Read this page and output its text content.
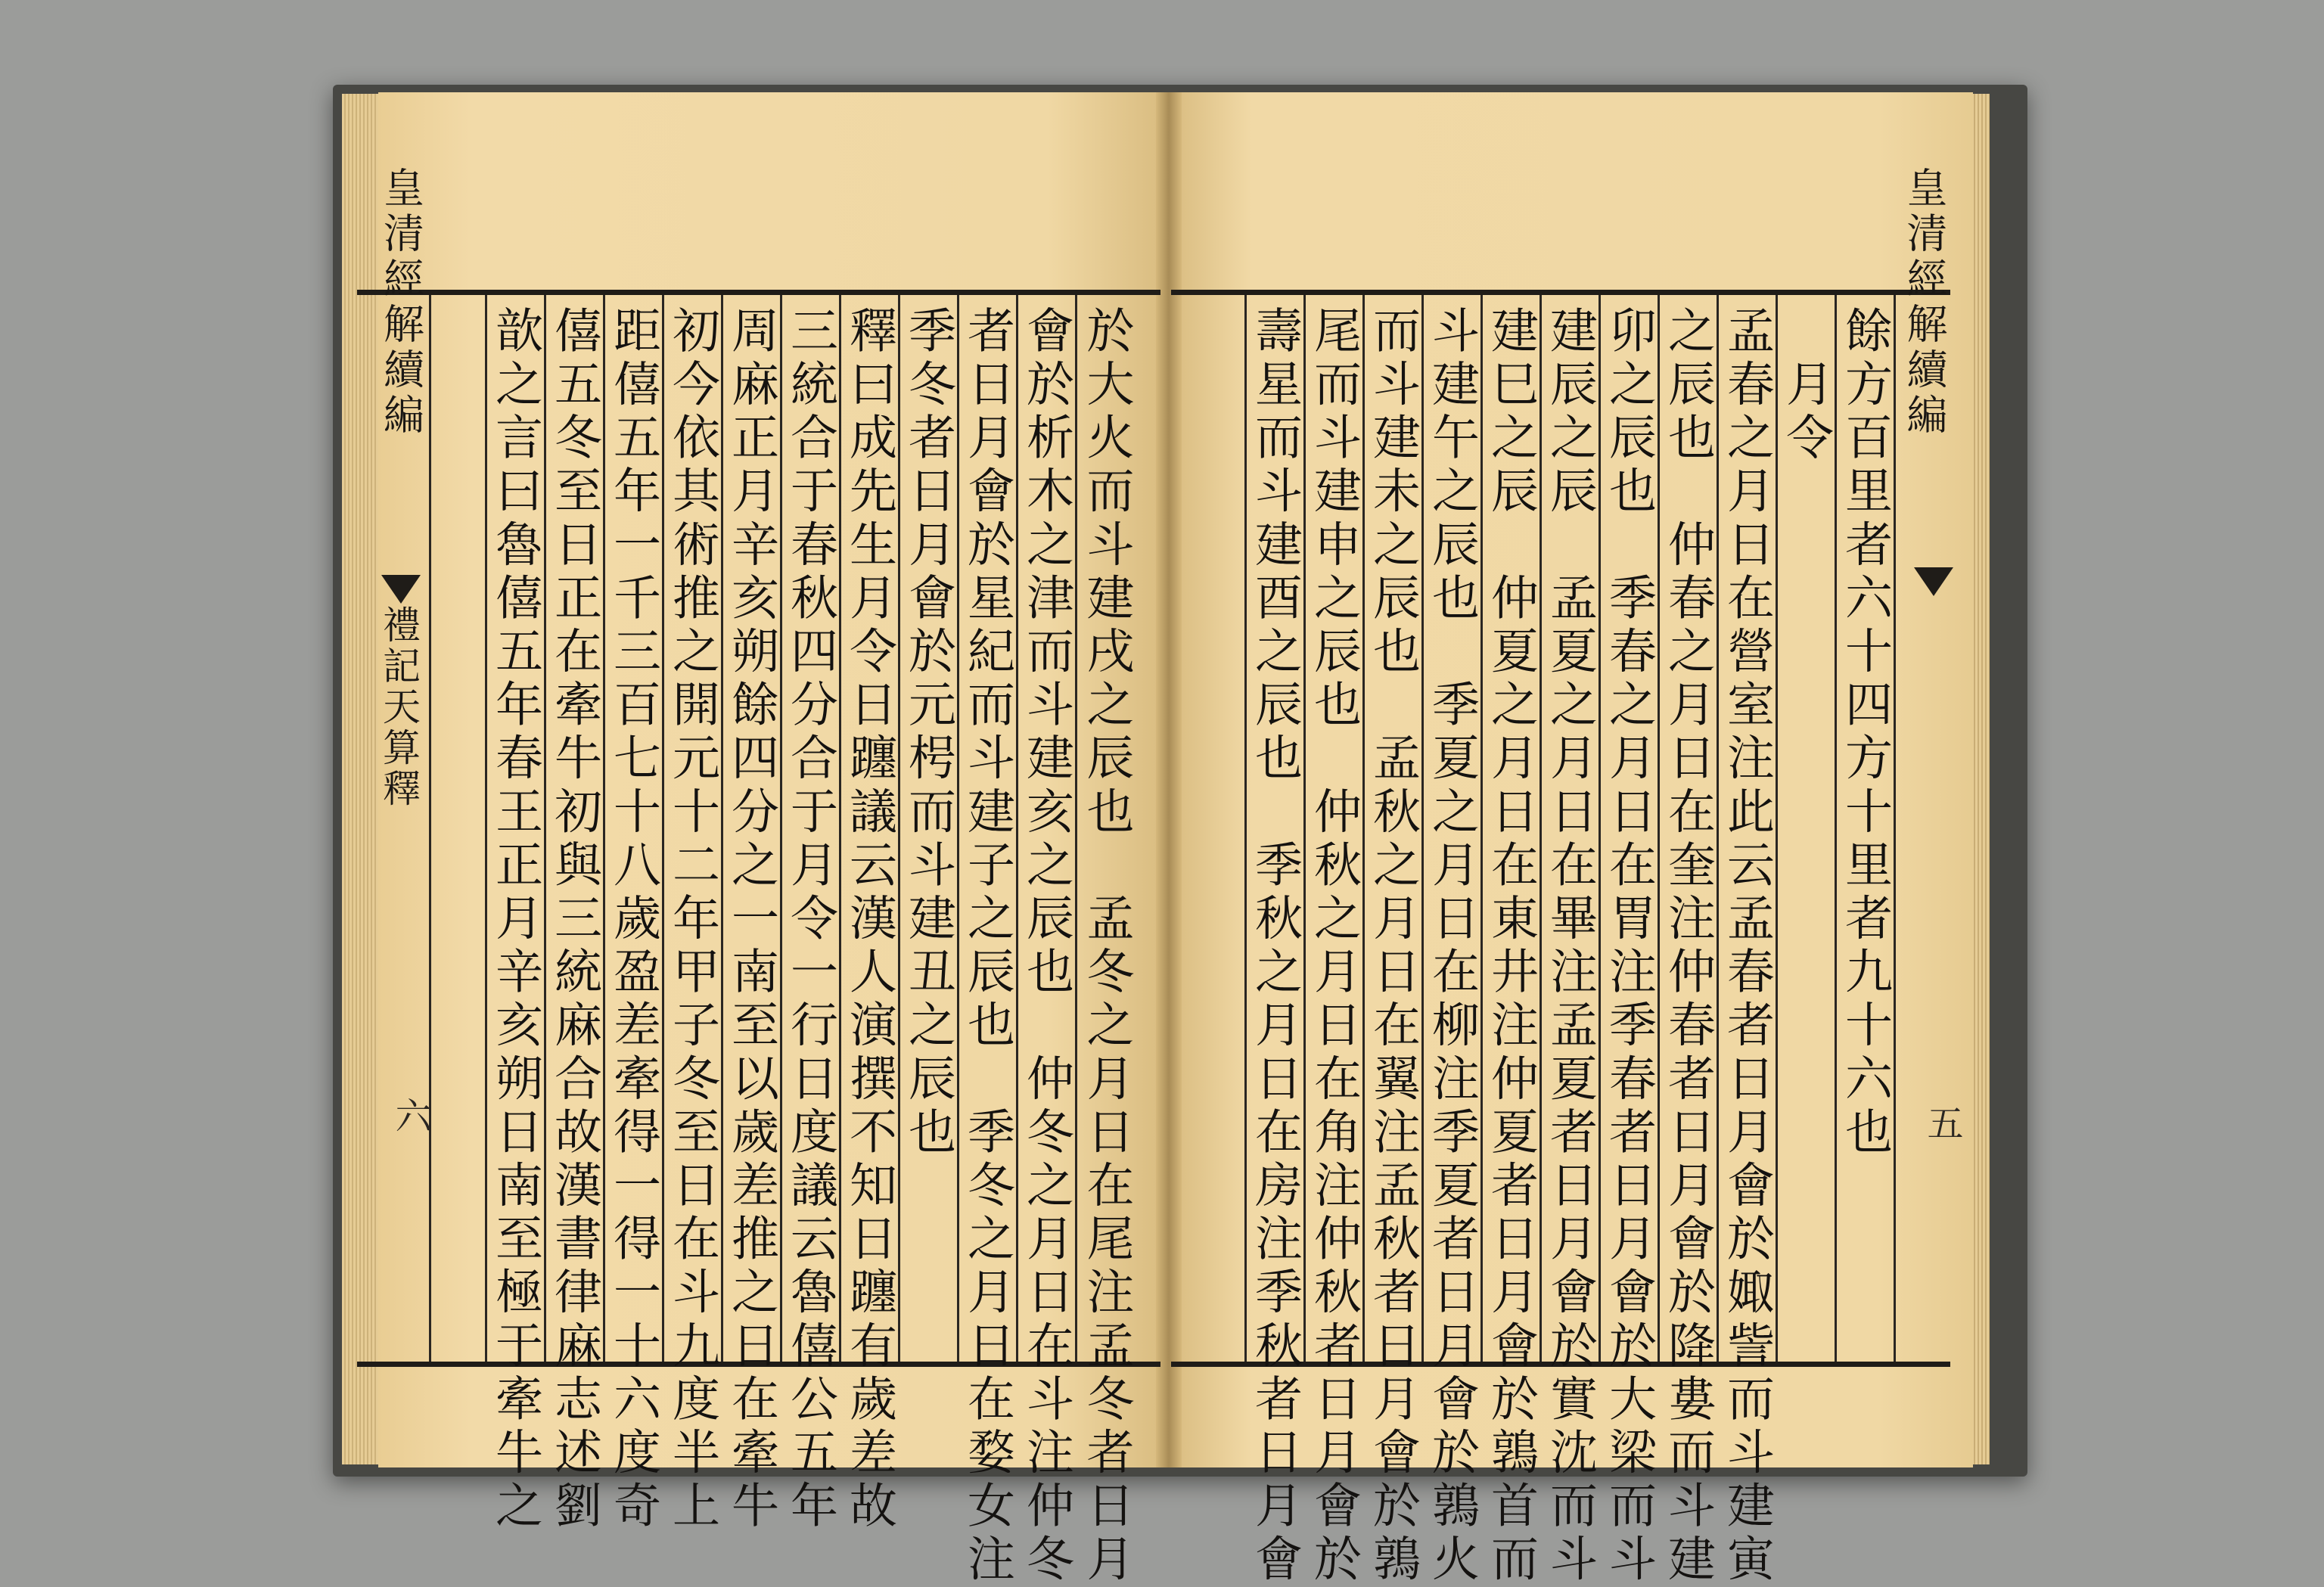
皇清經解續編
五
餘方百里者六十四方十里者九十六也
　月令
孟春之月日在營室注此云孟春者日月會於娵訾而斗建寅
之辰也　仲春之月日在奎注仲春者日月會於降婁而斗建
卯之辰也　季春之月日在胃注季春者日月會於大梁而斗
建辰之辰　孟夏之月日在畢注孟夏者日月會於實沈而斗
建巳之辰　仲夏之月日在東井注仲夏者日月會於鶉首而
斗建午之辰也　季夏之月日在柳注季夏者日月會於鶉火
而斗建未之辰也　孟秋之月日在翼注孟秋者日月會於鶉
尾而斗建申之辰也　仲秋之月日在角注仲秋者日月會於
壽星而斗建酉之辰也　季秋之月日在房注季秋者日月會
於大火而斗建戌之辰也　孟冬之月日在尾注孟冬者日月
會於析木之津而斗建亥之辰也　仲冬之月日在斗注仲冬
者日月會於星紀而斗建子之辰也　季冬之月日在婺女注
季冬者日月會於元枵而斗建丑之辰也
釋曰成先生月令日躔議云漢人演撰不知日躔有歲差故
三統合于春秋四分合于月令一行日度議云魯僖公五年
周麻正月辛亥朔餘四分之一南至以歲差推之日在牽牛
初今依其術推之開元十二年甲子冬至日在斗九度半上
距僖五年一千三百七十八歲盈差牽得一得一十六度奇
僖五冬至日正在牽牛初與三統麻合故漢書律麻志述劉
歆之言曰魯僖五年春王正月辛亥朔日南至極于牽牛之
皇清經解續編
禮記天算釋
六
